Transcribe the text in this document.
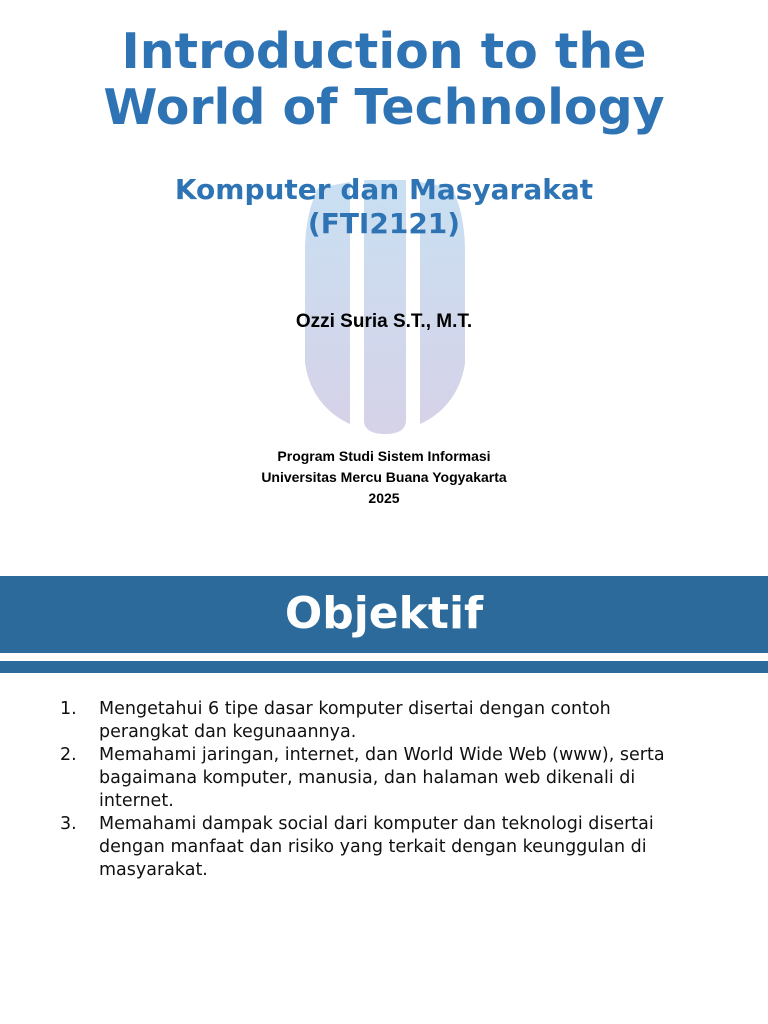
Introduction to the World of Technology
Komputer dan Masyarakat
(FTI2121)
Ozzi Suria S.T., M.T.
Program Studi Sistem Informasi
Universitas Mercu Buana Yogyakarta
2025
Objektif
1. Mengetahui 6 tipe dasar komputer disertai dengan contoh perangkat dan kegunaannya.
2. Memahami jaringan, internet, dan World Wide Web (www), serta bagaimana komputer, manusia, dan halaman web dikenali di internet.
3. Memahami dampak social dari komputer dan teknologi disertai dengan manfaat dan risiko yang terkait dengan keunggulan di masyarakat.
